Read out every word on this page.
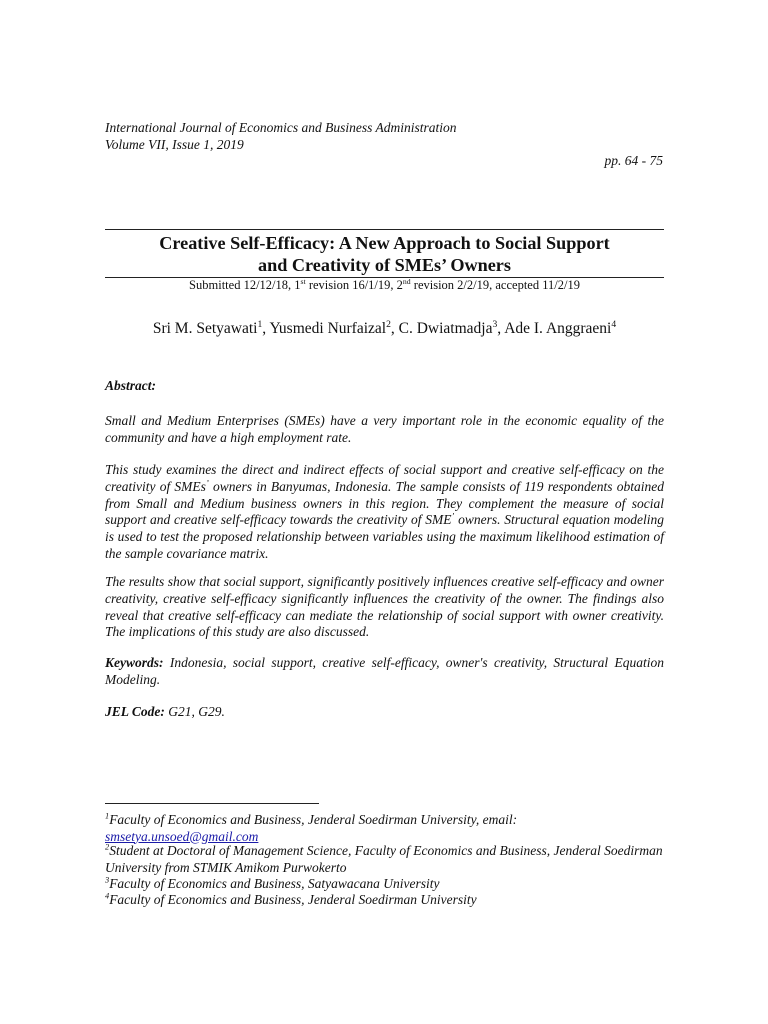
International Journal of Economics and Business Administration
Volume VII, Issue 1, 2019
pp. 64 - 75
Creative Self-Efficacy: A New Approach to Social Support
and Creativity of SMEs’ Owners
Submitted 12/12/18, 1st revision 16/1/19, 2nd revision 2/2/19, accepted 11/2/19
Sri M. Setyawati$^1$, Yusmedi Nurfaizal$^2$, C. Dwiatmadja$^3$, Ade I. Anggraeni$^4$
Abstract:
Small and Medium Enterprises (SMEs) have a very important role in the economic equality of the community and have a high employment rate.
This study examines the direct and indirect effects of social support and creative self-efficacy on the creativity of SMEs’ owners in Banyumas, Indonesia. The sample consists of 119 respondents obtained from Small and Medium business owners in this region. They complement the measure of social support and creative self-efficacy towards the creativity of SME’ owners. Structural equation modeling is used to test the proposed relationship between variables using the maximum likelihood estimation of the sample covariance matrix.
The results show that social support, significantly positively influences creative self-efficacy and owner creativity, creative self-efficacy significantly influences the creativity of the owner. The findings also reveal that creative self-efficacy can mediate the relationship of social support with owner creativity. The implications of this study are also discussed.
Keywords: Indonesia, social support, creative self-efficacy, owner's creativity, Structural Equation Modeling.
JEL Code: G21, G29.
$^1$Faculty of Economics and Business, Jenderal Soedirman University, email:
smsetya.unsoed@gmail.com
$^2$Student at Doctoral of Management Science, Faculty of Economics and Business, Jenderal Soedirman University from STMIK Amikom Purwokerto
$^3$Faculty of Economics and Business, Satyawacana University
$^4$Faculty of Economics and Business, Jenderal Soedirman University
